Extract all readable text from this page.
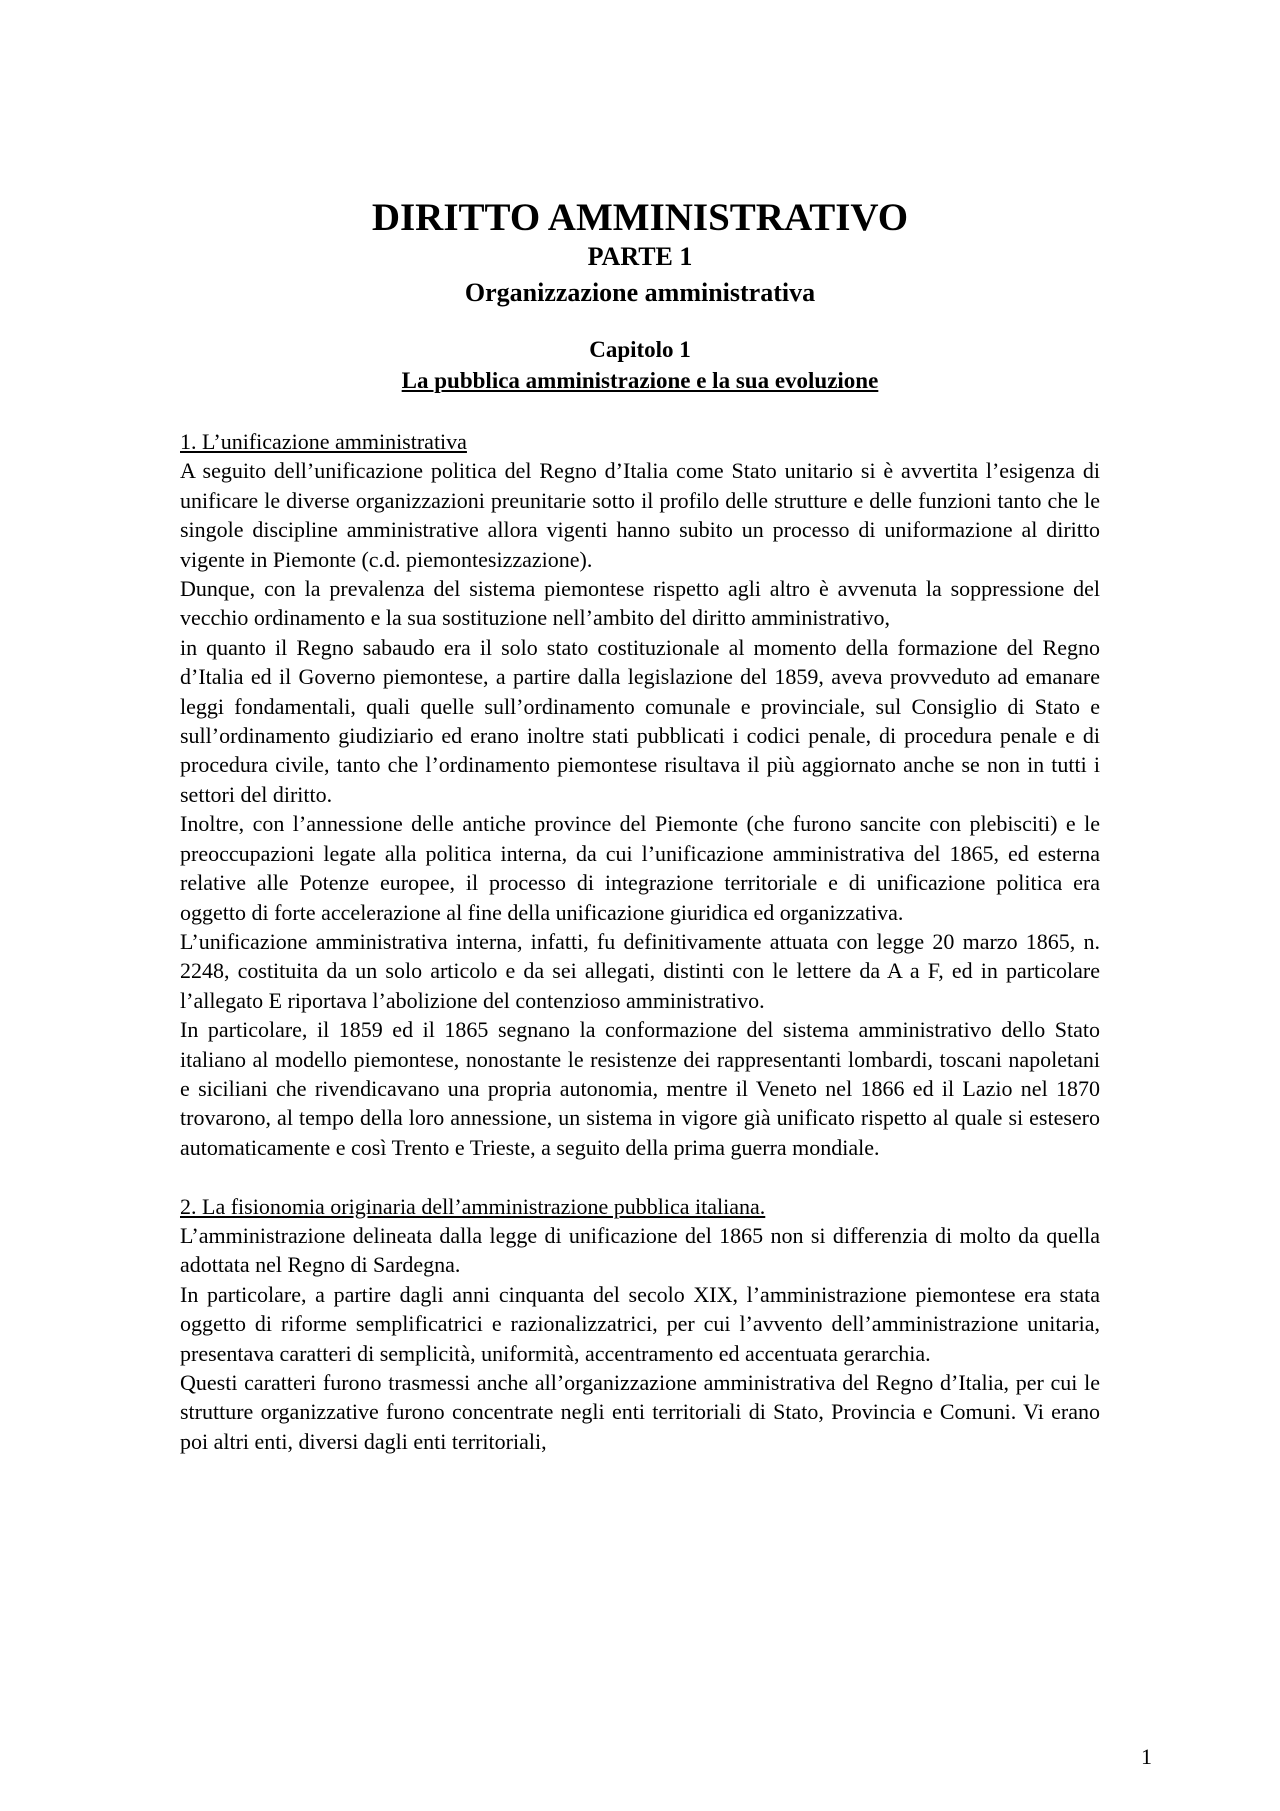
DIRITTO AMMINISTRATIVO
PARTE 1
Organizzazione amministrativa
Capitolo 1
La pubblica amministrazione e la sua evoluzione
1. L’unificazione amministrativa

A seguito dell’unificazione politica del Regno d’Italia come Stato unitario si è avvertita l’esigenza di unificare le diverse organizzazioni preunitarie sotto il profilo delle strutture e delle funzioni tanto che le singole discipline amministrative allora vigenti hanno subito un processo di uniformazione al diritto vigente in Piemonte (c.d. piemontesizzazione).

Dunque, con la prevalenza del sistema piemontese rispetto agli altro è avvenuta la soppressione del vecchio ordinamento e la sua sostituzione nell’ambito del diritto amministrativo,

in quanto il Regno sabaudo era il solo stato costituzionale al momento della formazione del Regno d’Italia ed il Governo piemontese, a partire dalla legislazione del 1859, aveva provveduto ad emanare leggi fondamentali, quali quelle sull’ordinamento comunale e provinciale, sul Consiglio di Stato e sull’ordinamento giudiziario ed erano inoltre stati pubblicati i codici penale, di procedura penale e di procedura civile, tanto che l’ordinamento piemontese risultava il più aggiornato anche se non in tutti i settori del diritto.

Inoltre, con l’annessione delle antiche province del Piemonte (che furono sancite con plebisciti) e le preoccupazioni legate alla politica interna, da cui l’unificazione amministrativa del 1865, ed esterna relative alle Potenze europee, il processo di integrazione territoriale e di unificazione politica era oggetto di forte accelerazione al fine della unificazione giuridica ed organizzativa.

L’unificazione amministrativa interna, infatti, fu definitivamente attuata con legge 20 marzo 1865, n. 2248, costituita da un solo articolo e da sei allegati, distinti con le lettere da A a F, ed in particolare l’allegato E riportava l’abolizione del contenzioso amministrativo.

In particolare, il 1859 ed il 1865 segnano la conformazione del sistema amministrativo dello Stato italiano al modello piemontese, nonostante le resistenze dei rappresentanti lombardi, toscani napoletani e siciliani che rivendicavano una propria autonomia, mentre il Veneto nel 1866 ed il Lazio nel 1870 trovarono, al tempo della loro annessione, un sistema in vigore già unificato rispetto al quale si estesero automaticamente e così Trento e Trieste, a seguito della prima guerra mondiale.

2. La fisionomia originaria dell’amministrazione pubblica italiana.

L’amministrazione delineata dalla legge di unificazione del 1865 non si differenzia di molto da quella adottata nel Regno di Sardegna.

In particolare, a partire dagli anni cinquanta del secolo XIX, l’amministrazione piemontese era stata oggetto di riforme semplificatrici e razionalizzatrici, per cui l’avvento dell’amministrazione unitaria, presentava caratteri di semplicità, uniformità, accentramento ed accentuata gerarchia.

Questi caratteri furono trasmessi anche all’organizzazione amministrativa del Regno d’Italia, per cui le strutture organizzative furono concentrate negli enti territoriali di Stato, Provincia e Comuni. Vi erano poi altri enti, diversi dagli enti territoriali,

1
